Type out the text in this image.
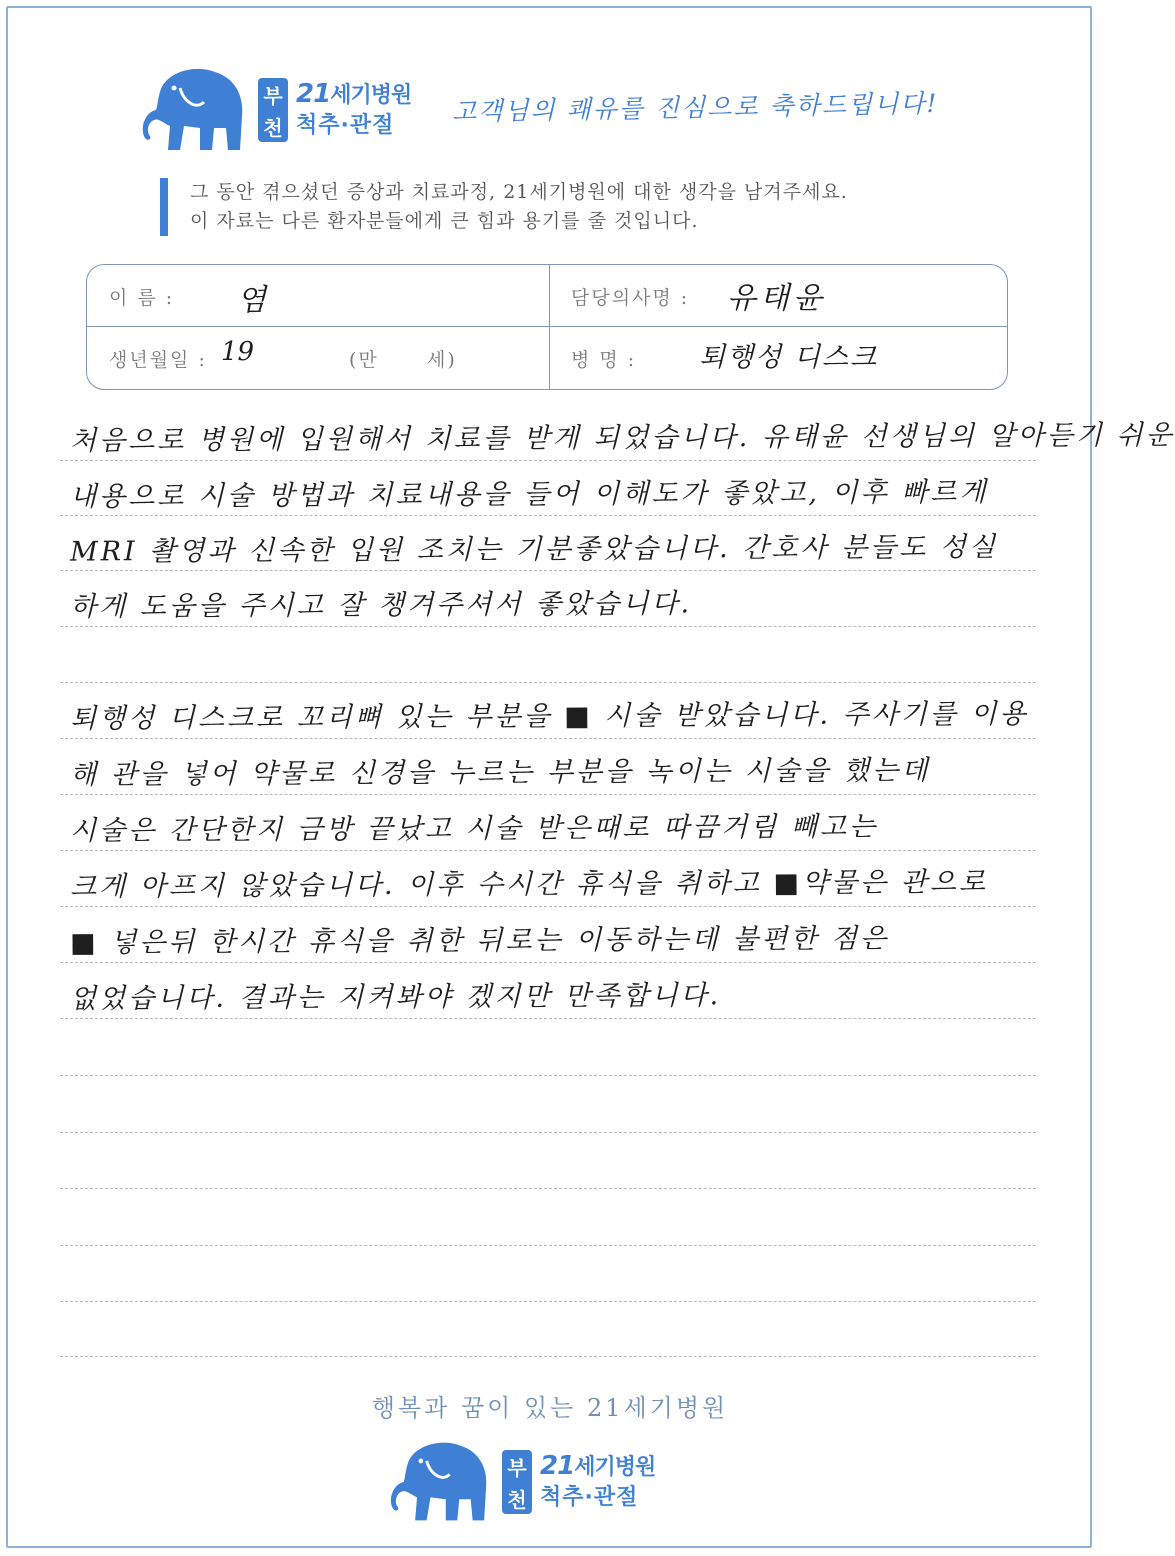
부
천
21세기병원
척추·관절	고객님의 쾌유를 진심으로 축하드립니다!
그 동안 겪으셨던 증상과 치료과정, 21세기병원에 대한 생각을 남겨주세요.
이 자료는 다른 환자분들에게 큰 힘과 용기를 줄 것입니다.
이 름 : 염	담당의사명 : 유태윤
생년월일 : 19	(만	세)	병 명 : 퇴행성 디스크
처음으로 병원에 입원해서 치료를 받게 되었습니다. 유태윤 선생님의 알아듣기 쉬운
내용으로 시술 방법과 치료내용을 들어 이해도가 좋았고, 이후 빠르게
MRI 촬영과 신속한 입원 조치는 기분좋았습니다. 간호사 분들도 성실
하게 도움을 주시고 잘 챙겨주셔서 좋았습니다.
퇴행성 디스크로 꼬리뼈 있는 부분을 ■ 시술 받았습니다. 주사기를 이용
해 관을 넣어 약물로 신경을 누르는 부분을 녹이는 시술을 했는데
시술은 간단한지 금방 끝났고 시술 받은때로 따끔거림 빼고는
크게 아프지 않았습니다. 이후 수시간 휴식을 취하고 ■약물은 관으로
■ 넣은뒤 한시간 휴식을 취한 뒤로는 이동하는데 불편한 점은
없었습니다. 결과는 지켜봐야 겠지만 만족합니다.
행복과 꿈이 있는 21세기병원
부
천
21세기병원
척추·관절
